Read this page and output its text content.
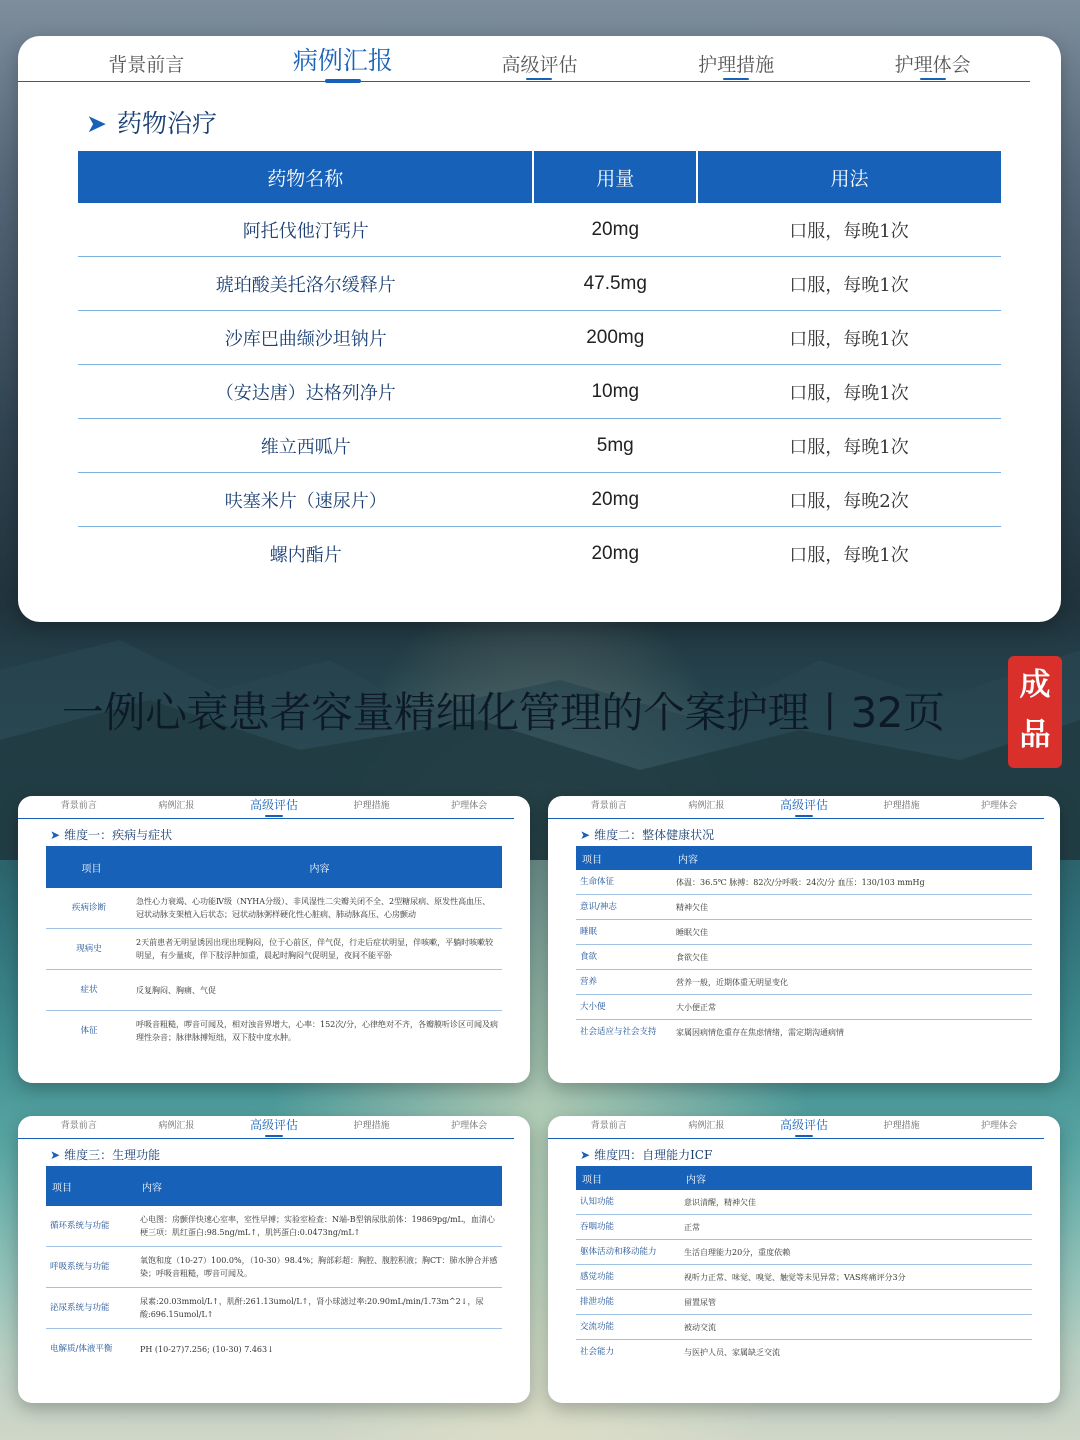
背景前言	病例汇报	高级评估	护理措施	护理体会
➤ 药物治疗
药物名称	用量	用法
阿托伐他汀钙片	20mg	口服，每晚1次
琥珀酸美托洛尔缓释片	47.5mg	口服，每晚1次
沙库巴曲缬沙坦钠片	200mg	口服，每晚1次
（安达唐）达格列净片	10mg	口服，每晚1次
维立西呱片	5mg	口服，每晚1次
呋塞米片（速尿片）	20mg	口服，每晚2次
螺内酯片	20mg	口服，每晚1次
一例心衰患者容量精细化管理的个案护理丨32页
成
品
背景前言	病例汇报	高级评估	护理措施	护理体会
➤ 维度一：疾病与症状
项目	内容
疾病诊断	急性心力衰竭、心功能Ⅳ级（NYHA分级）、非风湿性二尖瓣关闭不全、2型糖尿病、原发性高血压、冠状动脉支架植入后状态；冠状动脉粥样硬化性心脏病、肺动脉高压、心房颤动
现病史	2天前患者无明显诱因出现出现胸闷，位于心前区，伴气促，行走后症状明显，伴咳嗽，平躺时咳嗽较明显，有少量痰，伴下肢浮肿加重，晨起时胸闷气促明显，夜间不能平卧
症状	反复胸闷、胸痛、气促
体征	呼吸音粗糙，啰音可闻及，相对浊音界增大，心率：152次/分，心律绝对不齐，各瓣膜听诊区可闻及病理性杂音；脉律脉搏短绌，双下肢中度水肿。
背景前言	病例汇报	高级评估	护理措施	护理体会
➤ 维度二：整体健康状况
项目	内容
生命体征	体温：36.5℃ 脉搏：82次/分呼吸：24次/分 血压：130/103 mmHg
意识/神志	精神欠佳
睡眠	睡眠欠佳
食欲	食欲欠佳
营养	营养一般，近期体重无明显变化
大小便	大小便正常
社会适应与社会支持	家属因病情危重存在焦虑情绪，需定期沟通病情
背景前言	病例汇报	高级评估	护理措施	护理体会
➤ 维度三：生理功能
项目	内容
循环系统与功能	心电图：房颤伴快速心室率，室性早搏；实验室检查：N端-B型钠尿肽前体：19869pg/mL，血清心梗三项：肌红蛋白:98.5ng/mL↑，肌钙蛋白:0.0473ng/mL↑
呼吸系统与功能	氧饱和度（10-27）100.0%，（10-30）98.4%；胸部彩超：胸腔、腹腔积液；胸CT：肺水肿合并感染；呼吸音粗糙，啰音可闻及。
泌尿系统与功能	尿素:20.03mmol/L↑，肌酐:261.13umol/L↑，肾小球滤过率:20.90mL/min/1.73m^2↓，尿酸:696.15umol/L↑
电解质/体液平衡	PH (10-27)7.256; (10-30) 7.463↓
背景前言	病例汇报	高级评估	护理措施	护理体会
➤ 维度四：自理能力ICF
项目	内容
认知功能	意识清醒，精神欠佳
吞咽功能	正常
躯体活动和移动能力	生活自理能力20分，重度依赖
感觉功能	视听力正常、味觉、嗅觉、触觉等未见异常；VAS疼痛评分3分
排泄功能	留置尿管
交流功能	被动交流
社会能力	与医护人员、家属缺乏交流
